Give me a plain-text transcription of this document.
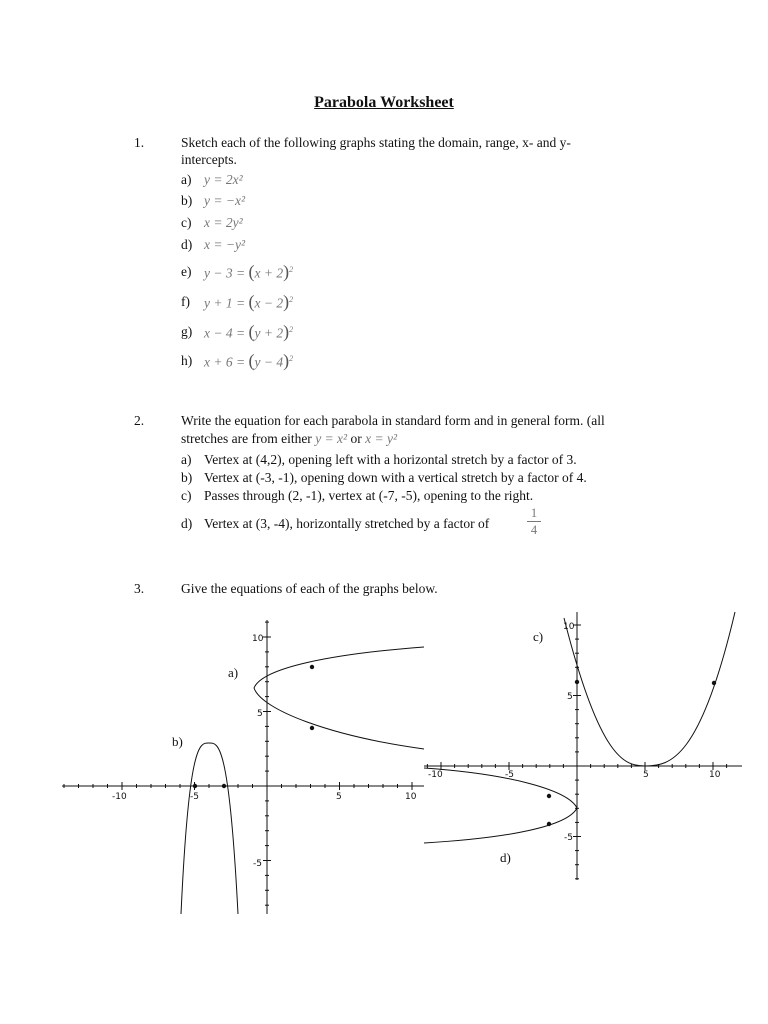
Parabola Worksheet
1.	Sketch each of the following graphs stating the domain, range, x- and y-
intercepts.
a) y = 2x²
b) y = −x²
c) x = 2y²
d) x = −y²
e) $y - 3 = (x + 2)^2$
f) $y + 1 = (x - 2)^2$
g) $x - 4 = (y + 2)^2$
h) $x + 6 = (y - 4)^2$
2.	Write the equation for each parabola in standard form and in general form. (all
stretches are from either y = x² or x = y²
a) Vertex at (4,2), opening left with a horizontal stretch by a factor of 3.
b) Vertex at (-3, -1), opening down with a vertical stretch by a factor of 4.
c) Passes through (2, -1), vertex at (-7, -5), opening to the right.
d) Vertex at (3, -4), horizontally stretched by a factor of
1
4
3.	Give the equations of each of the graphs below.
-10	-5	5	10
10
5
-5
a)
b)
-10	-5	5	10
10
5
-5
c)
d)
